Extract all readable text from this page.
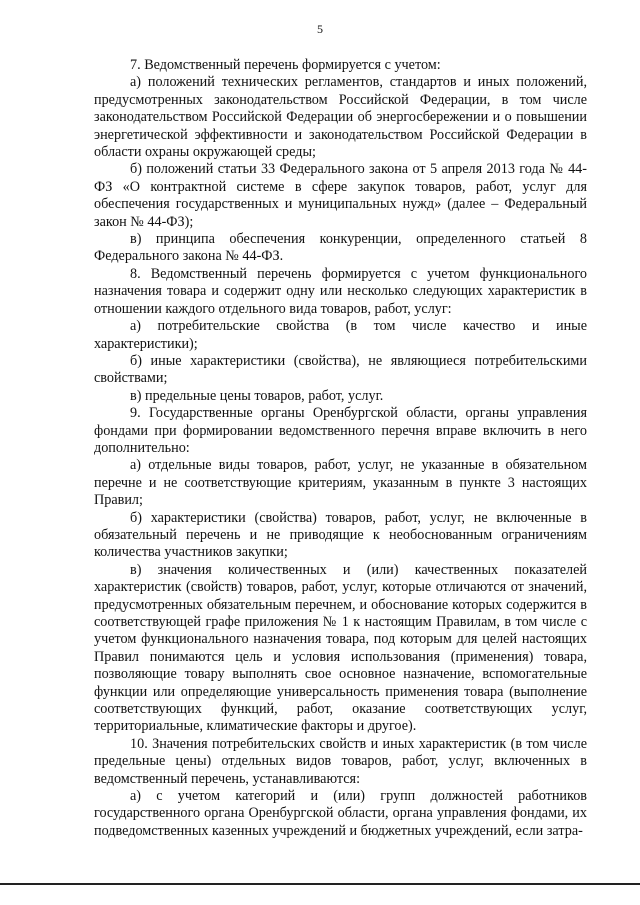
5

7. Ведомственный перечень формируется с учетом:

а) положений технических регламентов, стандартов и иных положений, предусмотренных законодательством Российской Федерации, в том числе законодательством Российской Федерации об энергосбережении и о повышении энергетической эффективности и законодательством Российской Федерации в области охраны окружающей среды;

б) положений статьи 33 Федерального закона от 5 апреля 2013 года № 44-ФЗ «О контрактной системе в сфере закупок товаров, работ, услуг для обеспечения государственных и муниципальных нужд» (далее – Федеральный закон № 44-ФЗ);

в) принципа обеспечения конкуренции, определенного статьей 8 Федерального закона № 44-ФЗ.

8. Ведомственный перечень формируется с учетом функционального назначения товара и содержит одну или несколько следующих характеристик в отношении каждого отдельного вида товаров, работ, услуг:

а) потребительские свойства (в том числе качество и иные характеристики);

б) иные характеристики (свойства), не являющиеся потребительскими свойствами;

в) предельные цены товаров, работ, услуг.

9. Государственные органы Оренбургской области, органы управления фондами при формировании ведомственного перечня вправе включить в него дополнительно:

а) отдельные виды товаров, работ, услуг, не указанные в обязательном перечне и не соответствующие критериям, указанным в пункте 3 настоящих Правил;

б) характеристики (свойства) товаров, работ, услуг, не включенные в обязательный перечень и не приводящие к необоснованным ограничениям количества участников закупки;

в) значения количественных и (или) качественных показателей характеристик (свойств) товаров, работ, услуг, которые отличаются от значений, предусмотренных обязательным перечнем, и обоснование которых содержится в соответствующей графе приложения № 1 к настоящим Правилам, в том числе с учетом функционального назначения товара, под которым для целей настоящих Правил понимаются цель и условия использования (применения) товара, позволяющие товару выполнять свое основное назначение, вспомогательные функции или определяющие универсальность применения товара (выполнение соответствующих функций, работ, оказание соответствующих услуг, территориальные, климатические факторы и другое).

10. Значения потребительских свойств и иных характеристик (в том числе предельные цены) отдельных видов товаров, работ, услуг, включенных в ведомственный перечень, устанавливаются:

а) с учетом категорий и (или) групп должностей работников государственного органа Оренбургской области, органа управления фондами, их подведомственных казенных учреждений и бюджетных учреждений, если затра-
